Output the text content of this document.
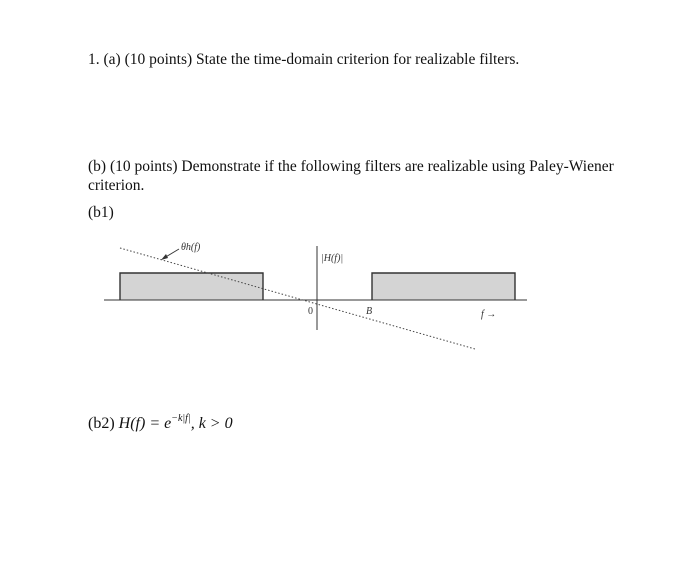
1. (a) (10 points) State the time-domain criterion for realizable filters.
(b) (10 points) Demonstrate if the following filters are realizable using Paley-Wiener
criterion.
(b1)
θh(f)
|H(f)|
0	B	f →
(b2) $H(f) = e^{-k|f|}$, k > 0
